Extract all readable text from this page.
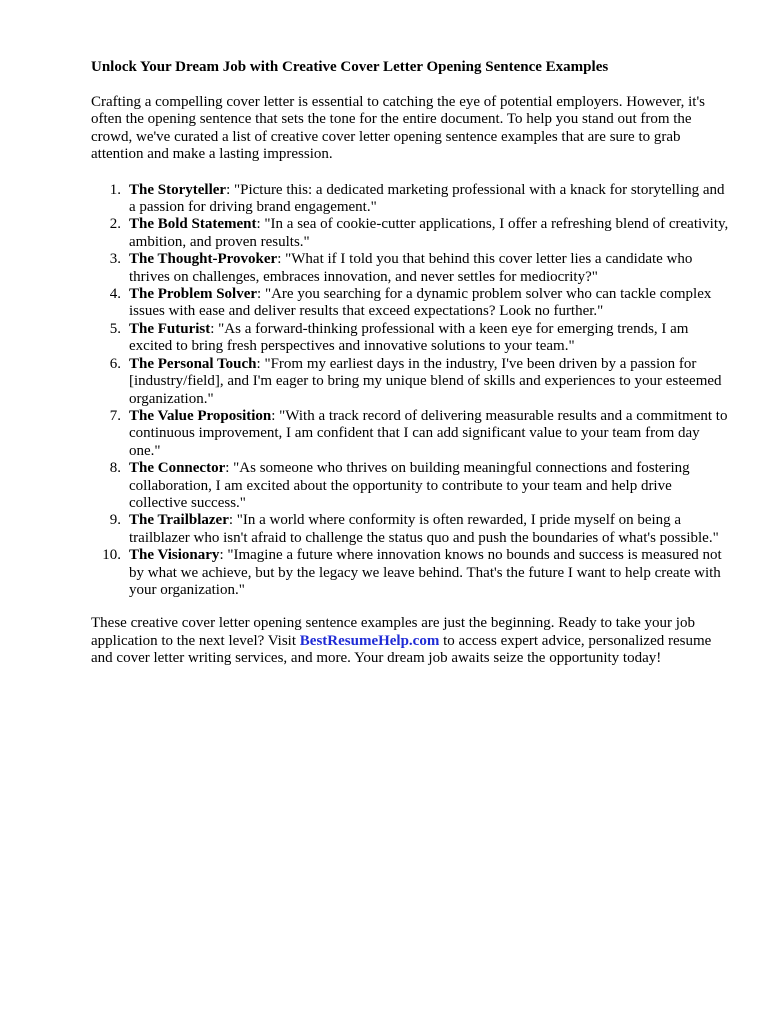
Unlock Your Dream Job with Creative Cover Letter Opening Sentence Examples

Crafting a compelling cover letter is essential to catching the eye of potential employers. However, it's often the opening sentence that sets the tone for the entire document. To help you stand out from the crowd, we've curated a list of creative cover letter opening sentence examples that are sure to grab attention and make a lasting impression.

1. The Storyteller: "Picture this: a dedicated marketing professional with a knack for storytelling and a passion for driving brand engagement."
2. The Bold Statement: "In a sea of cookie-cutter applications, I offer a refreshing blend of creativity, ambition, and proven results."
3. The Thought-Provoker: "What if I told you that behind this cover letter lies a candidate who thrives on challenges, embraces innovation, and never settles for mediocrity?"
4. The Problem Solver: "Are you searching for a dynamic problem solver who can tackle complex issues with ease and deliver results that exceed expectations? Look no further."
5. The Futurist: "As a forward-thinking professional with a keen eye for emerging trends, I am excited to bring fresh perspectives and innovative solutions to your team."
6. The Personal Touch: "From my earliest days in the industry, I've been driven by a passion for [industry/field], and I'm eager to bring my unique blend of skills and experiences to your esteemed organization."
7. The Value Proposition: "With a track record of delivering measurable results and a commitment to continuous improvement, I am confident that I can add significant value to your team from day one."
8. The Connector: "As someone who thrives on building meaningful connections and fostering collaboration, I am excited about the opportunity to contribute to your team and help drive collective success."
9. The Trailblazer: "In a world where conformity is often rewarded, I pride myself on being a trailblazer who isn't afraid to challenge the status quo and push the boundaries of what's possible."
10. The Visionary: "Imagine a future where innovation knows no bounds and success is measured not by what we achieve, but by the legacy we leave behind. That's the future I want to help create with your organization."

These creative cover letter opening sentence examples are just the beginning. Ready to take your job application to the next level? Visit BestResumeHelp.com to access expert advice, personalized resume and cover letter writing services, and more. Your dream job awaits seize the opportunity today!
